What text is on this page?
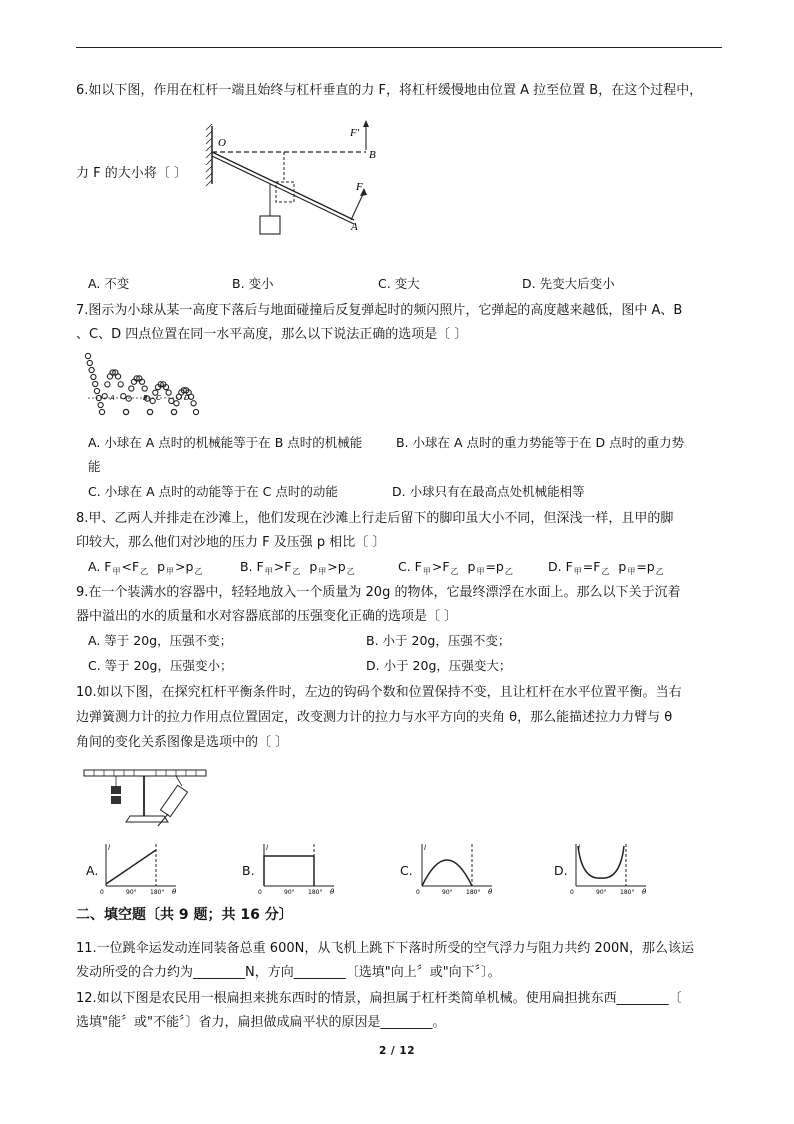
6.如以下图，作用在杠杆一端且始终与杠杆垂直的力 F，将杠杆缓慢地由位置 A 拉至位置 B，在这个过程中，
O
B
A
F
F'
力 F 的大小将〔 〕
A. 不变	B. 变小	C. 变大	D. 先变大后变小
7.图示为小球从某一高度下落后与地面碰撞后反复弹起时的频闪照片，它弹起的高度越来越低，图中 A、B
、C、D 四点位置在同一水平高度，那么以下说法正确的选项是〔 〕
A	B C	D
A. 小球在 A 点时的机械能等于在 B 点时的机械能	B. 小球在 A 点时的重力势能等于在 D 点时的重力势
能
C. 小球在 A 点时的动能等于在 C 点时的动能	D. 小球只有在最高点处机械能相等
8.甲、乙两人并排走在沙滩上，他们发现在沙滩上行走后留下的脚印虽大小不同，但深浅一样，且甲的脚
印较大，那么他们对沙地的压力 F 及压强 p 相比〔 〕
A. $F_甲<F_乙$  $p_甲>p_乙$	B. $F_甲>F_乙$  $p_甲>p_乙$	C. $F_甲>F_乙$  $p_甲=p_乙$	D. $F_甲=F_乙$  $p_甲=p_乙$
9.在一个装满水的容器中，轻轻地放入一个质量为 20g 的物体，它最终漂浮在水面上。那么以下关于沉着
器中溢出的水的质量和水对容器底部的压强变化正确的选项是〔 〕
A. 等于 20g，压强不变；	B. 小于 20g，压强不变；
C. 等于 20g，压强变小；	D. 小于 20g，压强变大；
10.如以下图，在探究杠杆平衡条件时，左边的钩码个数和位置保持不变，且让杠杆在水平位置平衡。当右
边弹簧测力计的拉力作用点位置固定，改变测力计的拉力与水平方向的夹角 θ，那么能描述拉力力臂与 θ
角间的变化关系图像是选项中的〔 〕
A.
0	90° 180° θ
l
B.
0	90° 180° θ
l
C.
0	90° 180° θ
l
D.
0	90° 180° θ
l
二、填空题〔共 9 题；共 16 分〕
11.一位跳伞运发动连同装备总重 600N，从飞机上跳下下落时所受的空气浮力与阻力共约 200N，那么该运
发动所受的合力约为________N，方向________〔选填"向上〞或"向下〞〕。
12.如以下图是农民用一根扁担来挑东西时的情景，扁担属于杠杆类简单机械。使用扁担挑东西________〔
选填"能〞或"不能〞〕省力，扁担做成扁平状的原因是________。
2 / 12
